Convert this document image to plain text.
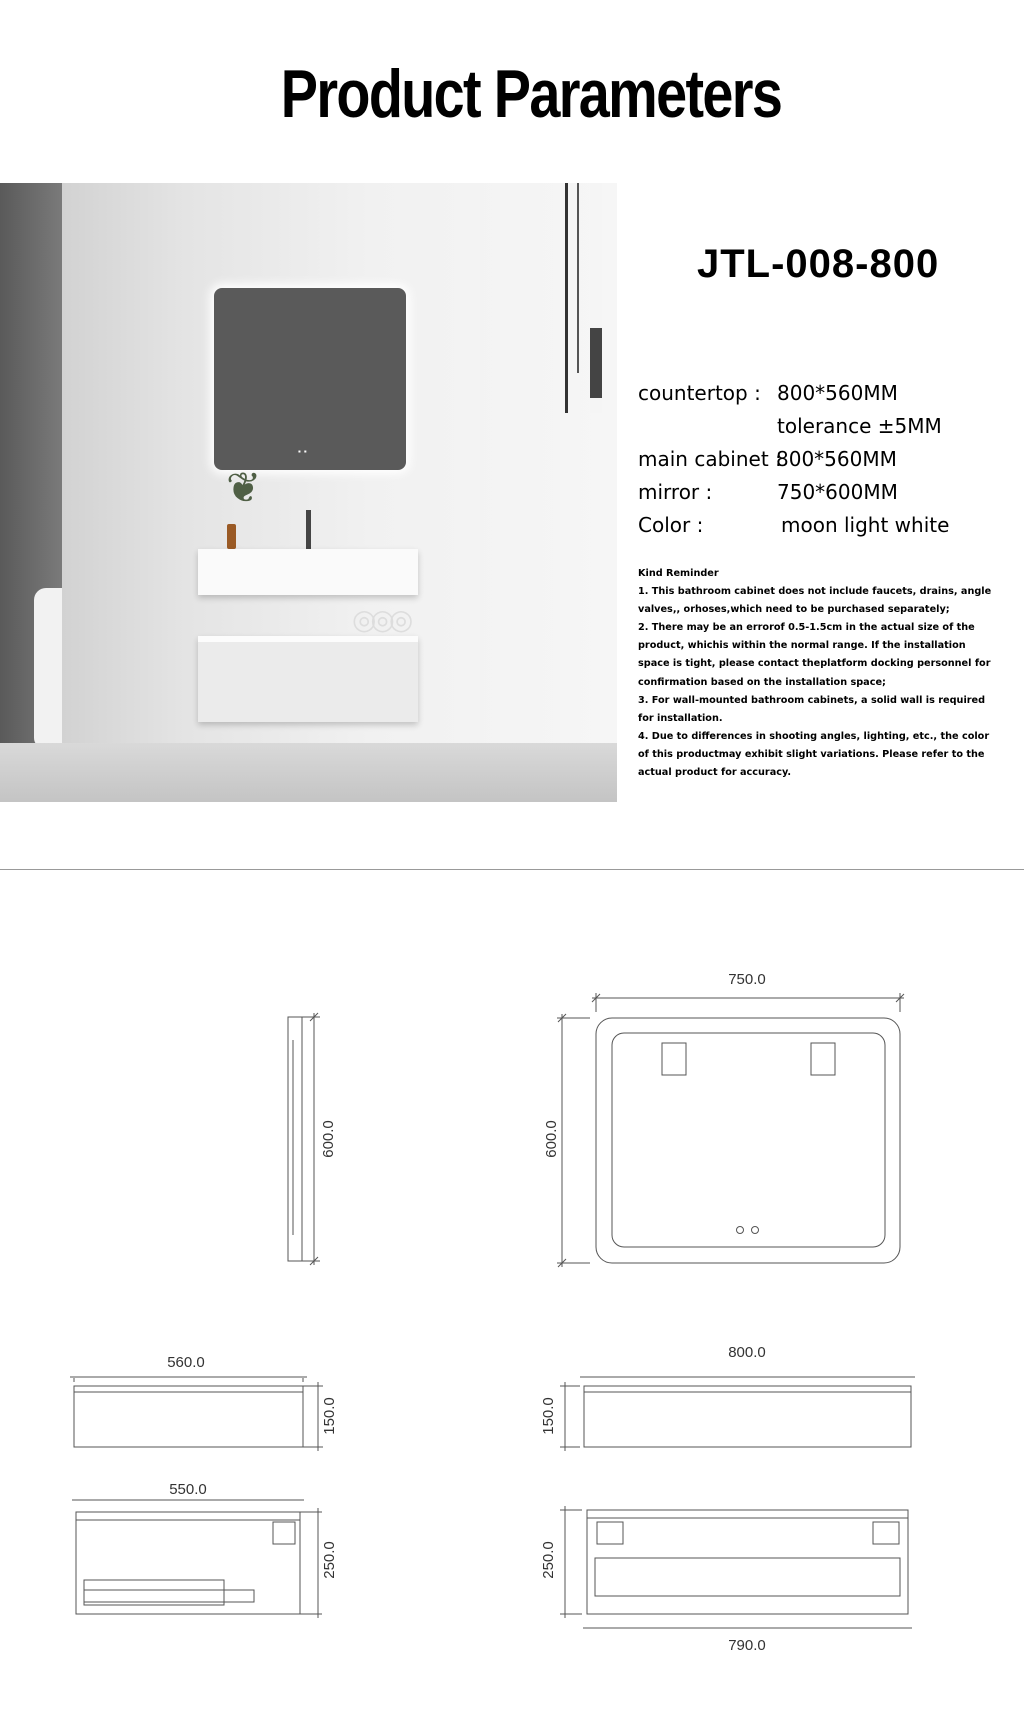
Product Parameters
▪▪
❦
◎◎◎
JTL-008-800
countertop : 800*560MM
tolerance ±5MM
main cabinet :
800*560MM
mirror :	750*600MM
Color :	moon light white

Kind Reminder

1. This bathroom cabinet does not include faucets, drains, angle valves,, orhoses,which need to be purchased separately;

2. There may be an errorof 0.5-1.5cm in the actual size of the product, whichis within the normal range. If the installation space is tight, please contact theplatform docking personnel for confirmation based on the installation space;

3. For wall-mounted bathroom cabinets, a solid wall is required for installation.

4. Due to differences in shooting angles, lighting, etc., the color of this productmay exhibit slight variations. Please refer to the actual product for accuracy.

750.0
600.0	600.0
560.0
150.0
800.0
150.0
550.0
250.0	250.0
790.0
